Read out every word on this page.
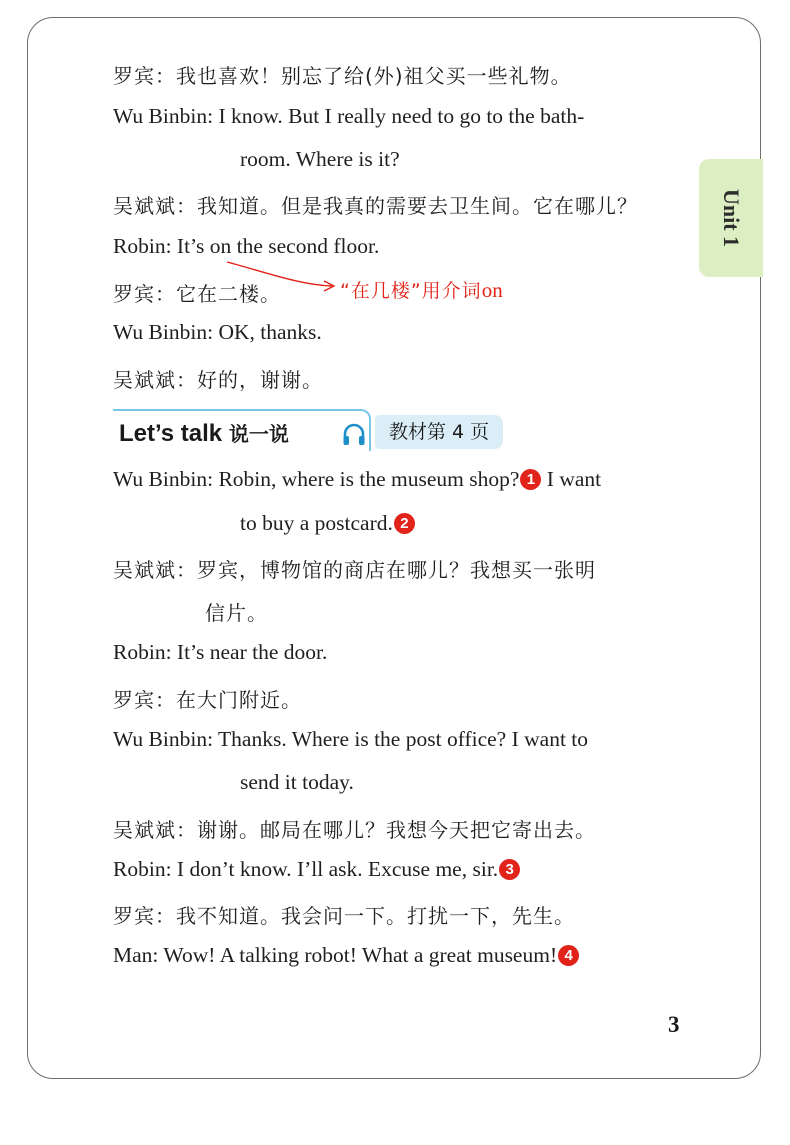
罗宾：我也喜欢！别忘了给(外)祖父买一些礼物。
Wu Binbin: I know. But I really need to go to the bath-
room. Where is it?
吴斌斌：我知道。但是我真的需要去卫生间。它在哪儿？
Robin: It’s on the second floor.
罗宾：它在二楼。
Wu Binbin: OK, thanks.
吴斌斌：好的，谢谢。
“在几楼”用介词on
Unit 1
Let’s talk 说一说	教材第 4 页
Wu Binbin: Robin, where is the museum shop? 1 I want
to buy a postcard. 2
吴斌斌：罗宾，博物馆的商店在哪儿？我想买一张明
信片。
Robin: It’s near the door.
罗宾：在大门附近。
Wu Binbin: Thanks. Where is the post office? I want to
send it today.
吴斌斌：谢谢。邮局在哪儿？我想今天把它寄出去。
Robin: I don’t know. I’ll ask. Excuse me, sir. 3
罗宾：我不知道。我会问一下。打扰一下，先生。
Man: Wow! A talking robot! What a great museum! 4
3
